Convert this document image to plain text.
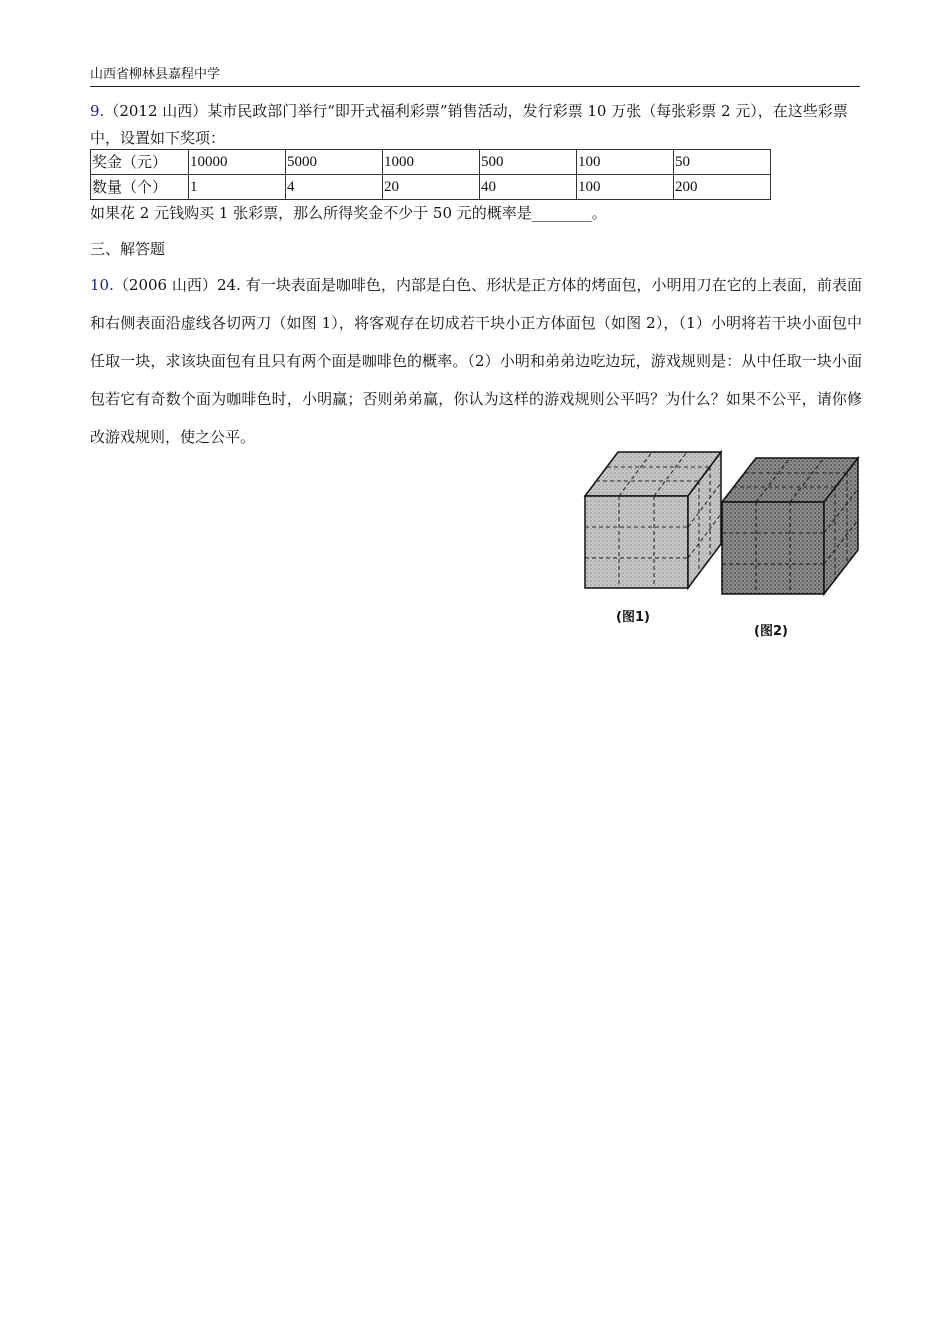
山西省柳林县嘉程中学
9.（2012 山西）某市民政部门举行“即开式福利彩票”销售活动，发行彩票 10 万张（每张彩票 2 元），在这些彩票中，设置如下奖项：
奖金（元）	10000	5000	1000	500	100	50
数量（个）	1	4	20	40	100	200
如果花 2 元钱购买 1 张彩票，那么所得奖金不少于 50 元的概率是________。
三、解答题
10.（2006 山西）24. 有一块表面是咖啡色，内部是白色、形状是正方体的烤面包，小明用刀在它的上表面，前表面和右侧表面沿虚线各切两刀（如图 1），将客观存在切成若干块小正方体面包（如图 2），（1）小明将若干块小面包中任取一块，求该块面包有且只有两个面是咖啡色的概率。（2）小明和弟弟边吃边玩，游戏规则是：从中任取一块小面包若它有奇数个面为咖啡色时，小明赢；否则弟弟赢，你认为这样的游戏规则公平吗？为什么？如果不公平，请你修改游戏规则，使之公平。
(图1)
(图2)
